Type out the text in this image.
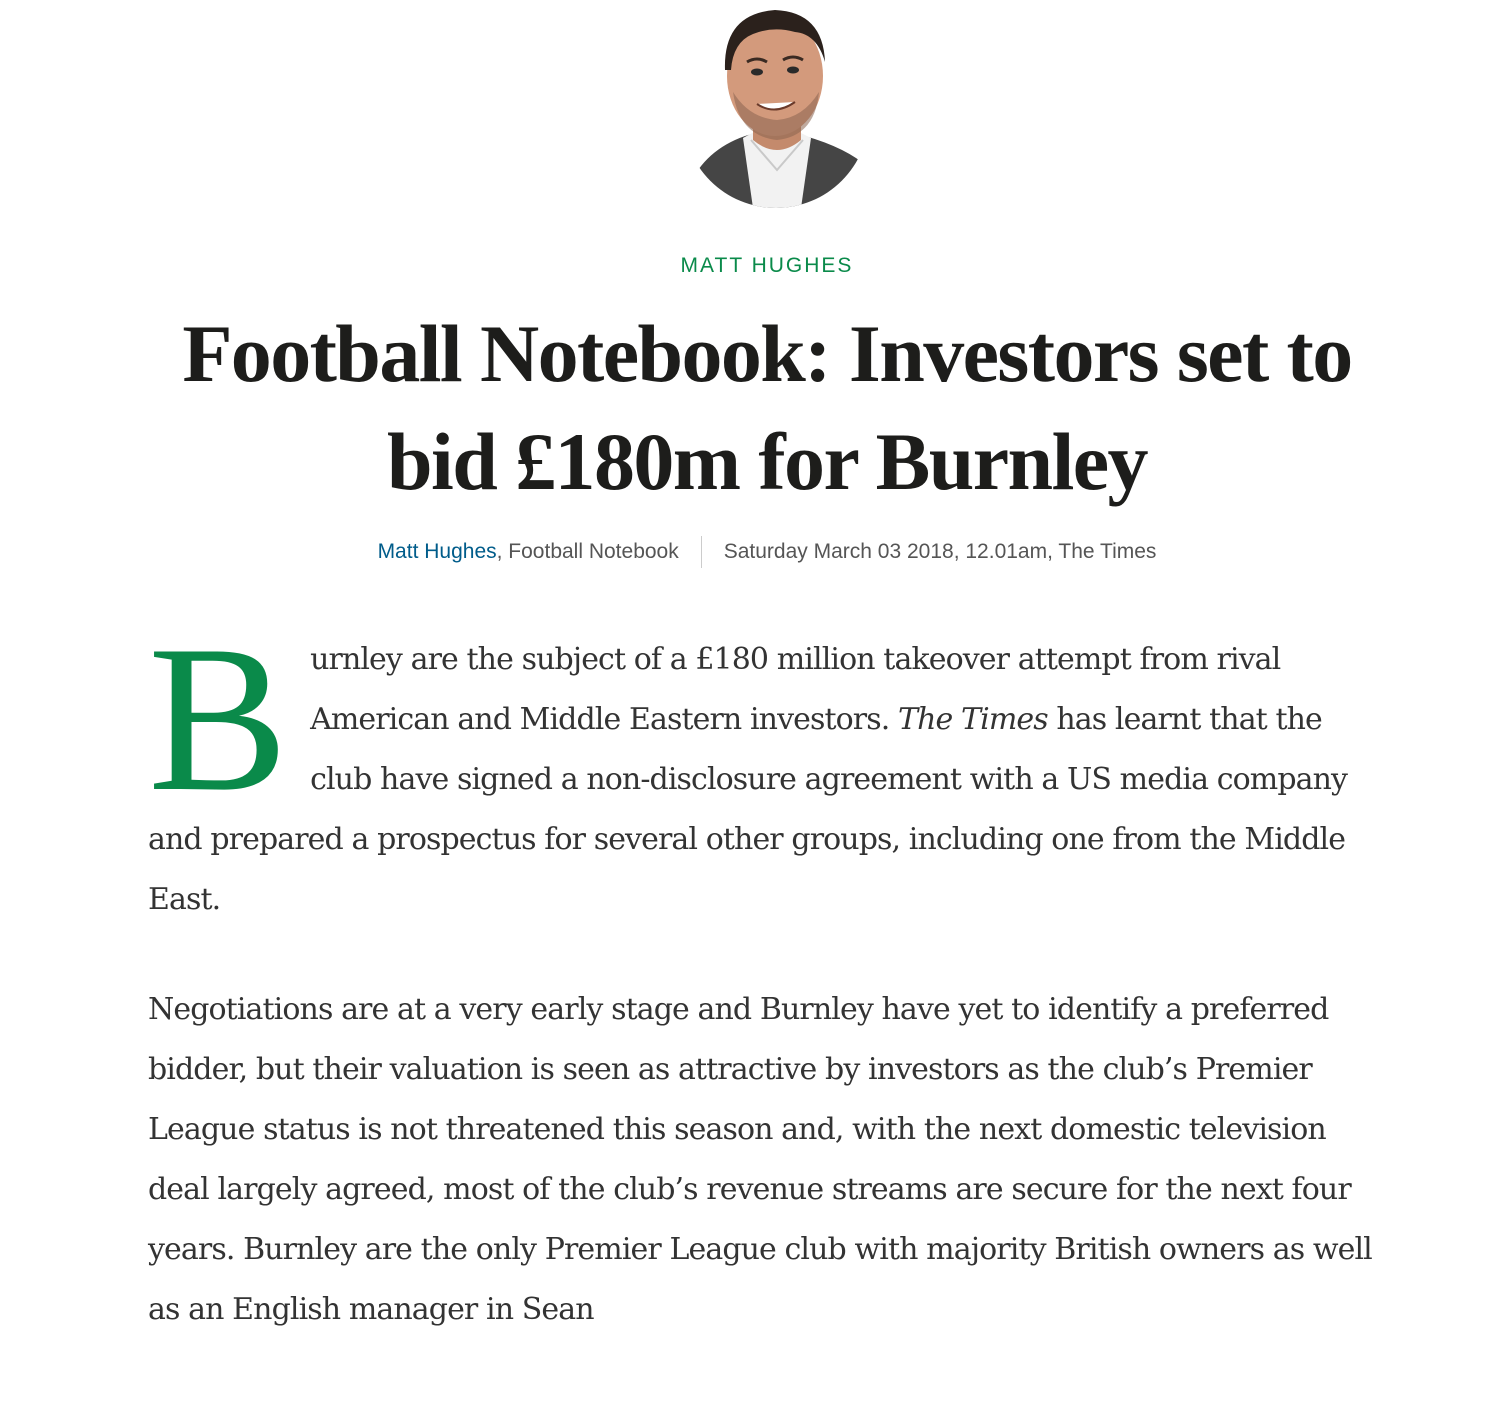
MATT HUGHES
Football Notebook: Investors set to bid £180m for Burnley
Matt Hughes , Football Notebook Saturday March 03 2018, 12.01am, The Times

Burnley are the subject of a £180 million takeover attempt from rival American and Middle Eastern investors. The Times has learnt that the club have signed a non-disclosure agreement with a US media company and prepared a prospectus for several other groups, including one from the Middle East.

Negotiations are at a very early stage and Burnley have yet to identify a preferred bidder, but their valuation is seen as attractive by investors as the club’s Premier League status is not threatened this season and, with the next domestic television deal largely agreed, most of the club’s revenue streams are secure for the next four years. Burnley are the only Premier League club with majority British owners as well as an English manager in Sean
